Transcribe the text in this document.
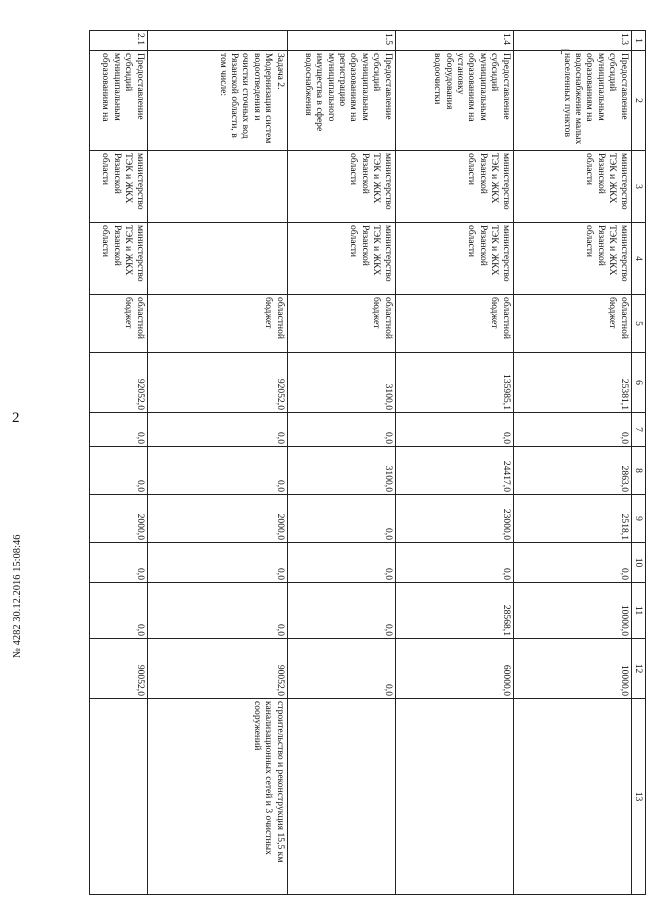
2
1	2	3	4	5	6	7	8	9	10	11	12	13
1.3	Предоставление субсидий муниципальным образованиям на водоснабжение малых населенных пунктов	министерство ТЭК и ЖКХ Рязанской области	министерство ТЭК и ЖКХ Рязанской области	областной бюджет	25381,1	0,0	2863,0	2518,1	0,0	10000,0	10000,0	
1.4	Предоставление субсидий муниципальным образованиям на установку оборудования водоочистки	министерство ТЭК и ЖКХ Рязанской области	министерство ТЭК и ЖКХ Рязанской области	областной бюджет	135985,1	0,0	24417,0	23000,0	0,0	28568,1	60000,0	
1.5	Предоставление субсидий муниципальным образованиям на регистрацию муниципального имущества в сфере водоснабжения	министерство ТЭК и ЖКХ Рязанской области	министерство ТЭК и ЖКХ Рязанской области	областной бюджет	3100,0	0,0	3100,0	0,0	0,0	0,0	0,0	
	Задача 2. Модернизация систем водоотведения и очистки сточных вод Рязанской области, в том числе:			областной бюджет	92052,0	0,0	0,0	2000,0	0,0	0,0	90052,0	строительство и реконструкция 15,5 км канализационных сетей и 3 очистных сооружений
2.1	Предоставление субсидий муниципальным образованиям на	министерство ТЭК и ЖКХ Рязанской области	министерство ТЭК и ЖКХ Рязанской области	областной бюджет	92052,0	0,0	0,0	2000,0	0,0	0,0	90052,0	
№ 4282 30.12.2016 15:08:46
⌐
